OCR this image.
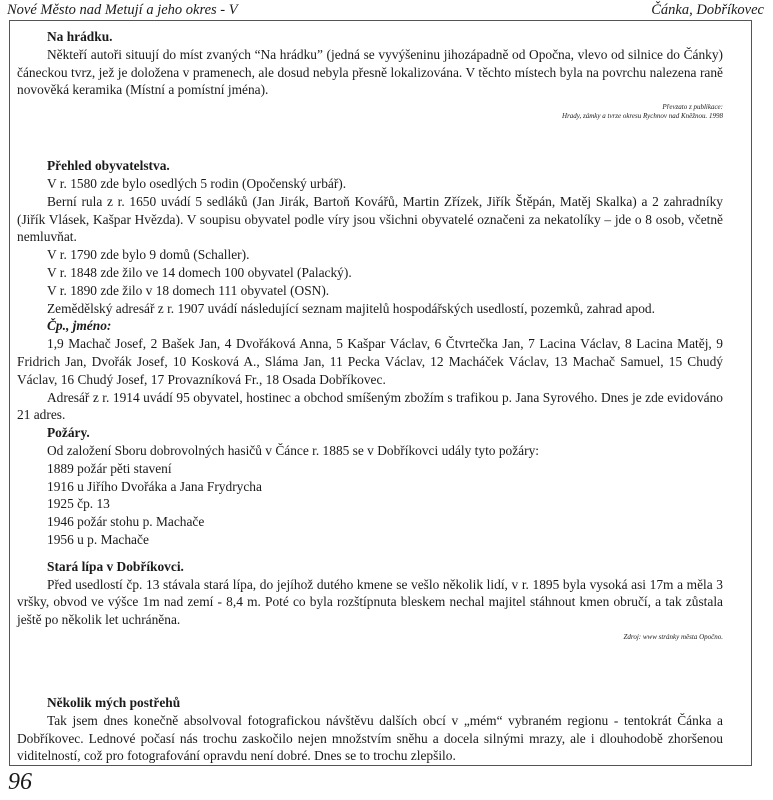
Nové Město nad Metují a jeho okres - V	Čánka, Dobříkovec

Na hrádku.

Někteří autoři situují do míst zvaných “Na hrádku” (jedná se vyvýšeninu jihozápadně od Opočna, vlevo od silnice do Čánky) čáneckou tvrz, jež je doložena v pramenech, ale dosud nebyla přesně lokalizována. V těchto místech byla na povrchu nalezena raně novověká keramika (Místní a pomístní jména).

Převzato z publikace:
Hrady, zámky a tvrze okresu Rychnov nad Kněžnou. 1998

Přehled obyvatelstva.

V r. 1580 zde bylo osedlých 5 rodin (Opočenský urbář).

Berní rula z r. 1650 uvádí 5 sedláků (Jan Jirák, Bartoň Kovářů, Martin Zřízek, Jiřík Štěpán, Matěj Skalka) a 2 zahradníky (Jiřík Vlásek, Kašpar Hvězda). V soupisu obyvatel podle víry jsou všichni obyvatelé označeni za nekatolíky – jde o 8 osob, včetně nemluvňat.

V r. 1790 zde bylo 9 domů (Schaller).

V r. 1848 zde žilo ve 14 domech 100 obyvatel (Palacký).

V r. 1890 zde žilo v 18 domech 111 obyvatel (OSN).

Zemědělský adresář z r. 1907 uvádí následující seznam majitelů hospodářských usedlostí, pozemků, zahrad apod.

Čp., jméno:

1,9 Machač Josef, 2 Bašek Jan, 4 Dvořáková Anna, 5 Kašpar Václav, 6 Čtvrtečka Jan, 7 Lacina Václav, 8 Lacina Matěj, 9 Fridrich Jan, Dvořák Josef, 10 Kosková A., Sláma Jan, 11 Pecka Václav, 12 Macháček Václav, 13 Machač Samuel, 15 Chudý Václav, 16 Chudý Josef, 17 Provazníková Fr., 18 Osada Dobříkovec.

Adresář z r. 1914 uvádí 95 obyvatel, hostinec a obchod smíšeným zbožím s trafikou p. Jana Syrového. Dnes je zde evidováno 21 adres.

Požáry.

Od založení Sboru dobrovolných hasičů v Čánce r. 1885 se v Dobříkovci udály tyto požáry:

1889 požár pěti stavení

1916 u Jiřího Dvořáka a Jana Frydrycha

1925 čp. 13

1946 požár stohu p. Machače

1956 u p. Machače

Stará lípa v Dobříkovci.

Před usedlostí čp. 13 stávala stará lípa, do jejíhož dutého kmene se vešlo několik lidí, v r. 1895 byla vysoká asi 17m a měla 3 vršky, obvod ve výšce 1m nad zemí - 8,4 m. Poté co byla rozštípnuta bleskem nechal majitel stáhnout kmen obručí, a tak zůstala ještě po několik let uchráněna.

Zdroj: www stránky města Opočno.

Několik mých postřehů

Tak jsem dnes konečně absolvoval fotografickou návštěvu dalších obcí v „mém“ vybraném regionu - tentokrát Čánka a Dobříkovec. Lednové počasí nás trochu zaskočilo nejen množstvím sněhu a docela silnými mrazy, ale i dlouhodobě zhoršenou viditelností, což pro fotografování opravdu není dobré. Dnes se to trochu zlepšilo.

96
